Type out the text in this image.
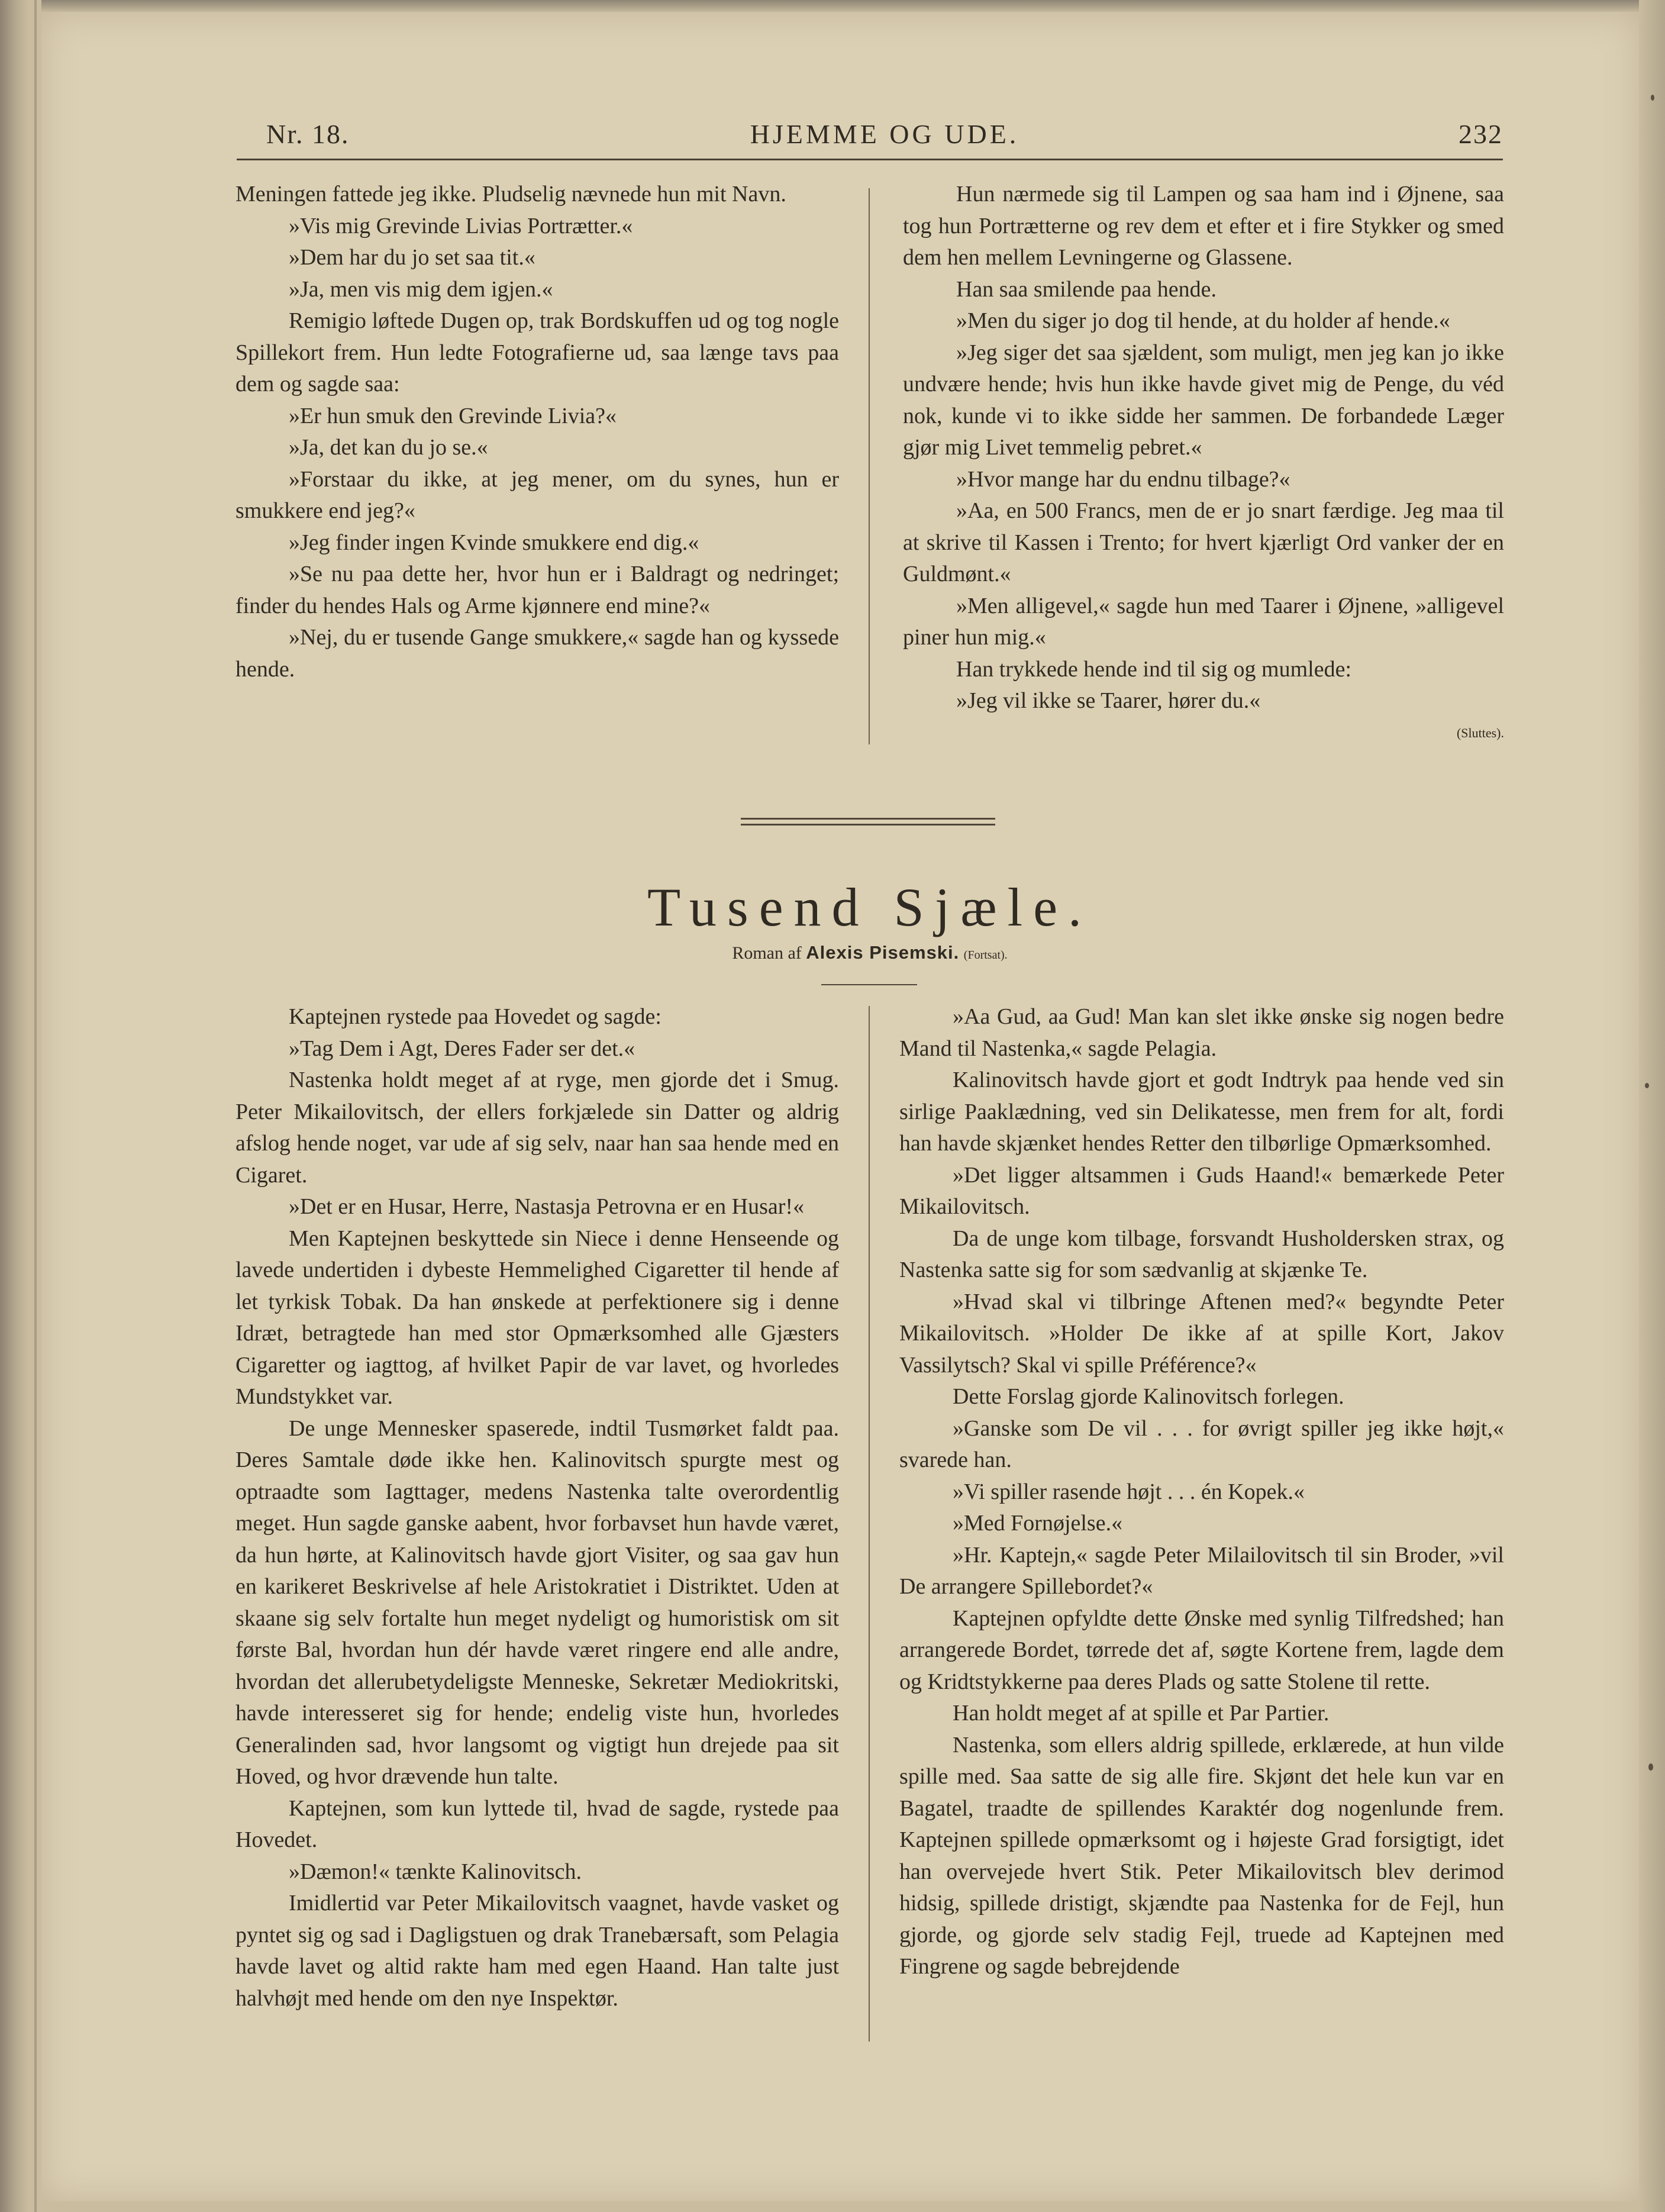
HJEMME OG UDE.
Nr. 18.	232

Meningen fattede jeg ikke. Pludselig nævnede hun mit Navn.

»Vis mig Grevinde Livias Portrætter.«

»Dem har du jo set saa tit.«

»Ja, men vis mig dem igjen.«

Remigio løftede Dugen op, trak Bordskuffen ud og tog nogle Spillekort frem. Hun ledte Fotografierne ud, saa længe tavs paa dem og sagde saa:

»Er hun smuk den Grevinde Livia?«

»Ja, det kan du jo se.«

»Forstaar du ikke, at jeg mener, om du synes, hun er smukkere end jeg?«

»Jeg finder ingen Kvinde smukkere end dig.«

»Se nu paa dette her, hvor hun er i Baldragt og nedringet; finder du hendes Hals og Arme kjønnere end mine?«

»Nej, du er tusende Gange smukkere,« sagde han og kyssede hende.

Hun nærmede sig til Lampen og saa ham ind i Øjnene, saa tog hun Portrætterne og rev dem et efter et i fire Stykker og smed dem hen mellem Levningerne og Glassene.

Han saa smilende paa hende.

»Men du siger jo dog til hende, at du holder af hende.«

»Jeg siger det saa sjældent, som muligt, men jeg kan jo ikke undvære hende; hvis hun ikke havde givet mig de Penge, du véd nok, kunde vi to ikke sidde her sammen. De forbandede Læger gjør mig Livet temmelig pebret.«

»Hvor mange har du endnu tilbage?«

»Aa, en 500 Francs, men de er jo snart færdige. Jeg maa til at skrive til Kassen i Trento; for hvert kjærligt Ord vanker der en Guldmønt.«

»Men alligevel,« sagde hun med Taarer i Øjnene, »alligevel piner hun mig.«

Han trykkede hende ind til sig og mumlede:

»Jeg vil ikke se Taarer, hører du.«

(Sluttes).

Tusend Sjæle.
Roman af Alexis Pisemski. (Fortsat).

Kaptejnen rystede paa Hovedet og sagde:

»Tag Dem i Agt, Deres Fader ser det.«

Nastenka holdt meget af at ryge, men gjorde det i Smug. Peter Mikailovitsch, der ellers forkjælede sin Datter og aldrig afslog hende noget, var ude af sig selv, naar han saa hende med en Cigaret.

»Det er en Husar, Herre, Nastasja Petrovna er en Husar!«

Men Kaptejnen beskyttede sin Niece i denne Henseende og lavede undertiden i dybeste Hemmelighed Cigaretter til hende af let tyrkisk Tobak. Da han ønskede at perfektionere sig i denne Idræt, betragtede han med stor Opmærksomhed alle Gjæsters Cigaretter og iagttog, af hvilket Papir de var lavet, og hvorledes Mundstykket var.

De unge Mennesker spaserede, indtil Tusmørket faldt paa. Deres Samtale døde ikke hen. Kalinovitsch spurgte mest og optraadte som Iagttager, medens Nastenka talte overordentlig meget. Hun sagde ganske aabent, hvor forbavset hun havde været, da hun hørte, at Kalinovitsch havde gjort Visiter, og saa gav hun en karikeret Beskrivelse af hele Aristokratiet i Distriktet. Uden at skaane sig selv fortalte hun meget nydeligt og humoristisk om sit første Bal, hvordan hun dér havde været ringere end alle andre, hvordan det allerubetydeligste Menneske, Sekretær Mediokritski, havde interesseret sig for hende; endelig viste hun, hvorledes Generalinden sad, hvor langsomt og vigtigt hun drejede paa sit Hoved, og hvor drævende hun talte.

Kaptejnen, som kun lyttede til, hvad de sagde, rystede paa Hovedet.

»Dæmon!« tænkte Kalinovitsch.

Imidlertid var Peter Mikailovitsch vaagnet, havde vasket og pyntet sig og sad i Dagligstuen og drak Tranebærsaft, som Pelagia havde lavet og altid rakte ham med egen Haand. Han talte just halvhøjt med hende om den nye Inspektør.

»Aa Gud, aa Gud! Man kan slet ikke ønske sig nogen bedre Mand til Nastenka,« sagde Pelagia.

Kalinovitsch havde gjort et godt Indtryk paa hende ved sin sirlige Paaklædning, ved sin Delikatesse, men frem for alt, fordi han havde skjænket hendes Retter den tilbørlige Opmærksomhed.

»Det ligger altsammen i Guds Haand!« bemærkede Peter Mikailovitsch.

Da de unge kom tilbage, forsvandt Husholdersken strax, og Nastenka satte sig for som sædvanlig at skjænke Te.

»Hvad skal vi tilbringe Aftenen med?« begyndte Peter Mikailovitsch. »Holder De ikke af at spille Kort, Jakov Vassilytsch? Skal vi spille Préférence?«

Dette Forslag gjorde Kalinovitsch forlegen.

»Ganske som De vil . . . for øvrigt spiller jeg ikke højt,« svarede han.

»Vi spiller rasende højt . . . én Kopek.«

»Med Fornøjelse.«

»Hr. Kaptejn,« sagde Peter Milailovitsch til sin Broder, »vil De arrangere Spillebordet?«

Kaptejnen opfyldte dette Ønske med synlig Tilfredshed; han arrangerede Bordet, tørrede det af, søgte Kortene frem, lagde dem og Kridtstykkerne paa deres Plads og satte Stolene til rette.

Han holdt meget af at spille et Par Partier.

Nastenka, som ellers aldrig spillede, erklærede, at hun vilde spille med. Saa satte de sig alle fire. Skjønt det hele kun var en Bagatel, traadte de spillendes Karaktér dog nogenlunde frem. Kaptejnen spillede opmærksomt og i højeste Grad forsigtigt, idet han overvejede hvert Stik. Peter Mikailovitsch blev derimod hidsig, spillede dristigt, skjændte paa Nastenka for de Fejl, hun gjorde, og gjorde selv stadig Fejl, truede ad Kaptejnen med Fingrene og sagde bebrejdende
